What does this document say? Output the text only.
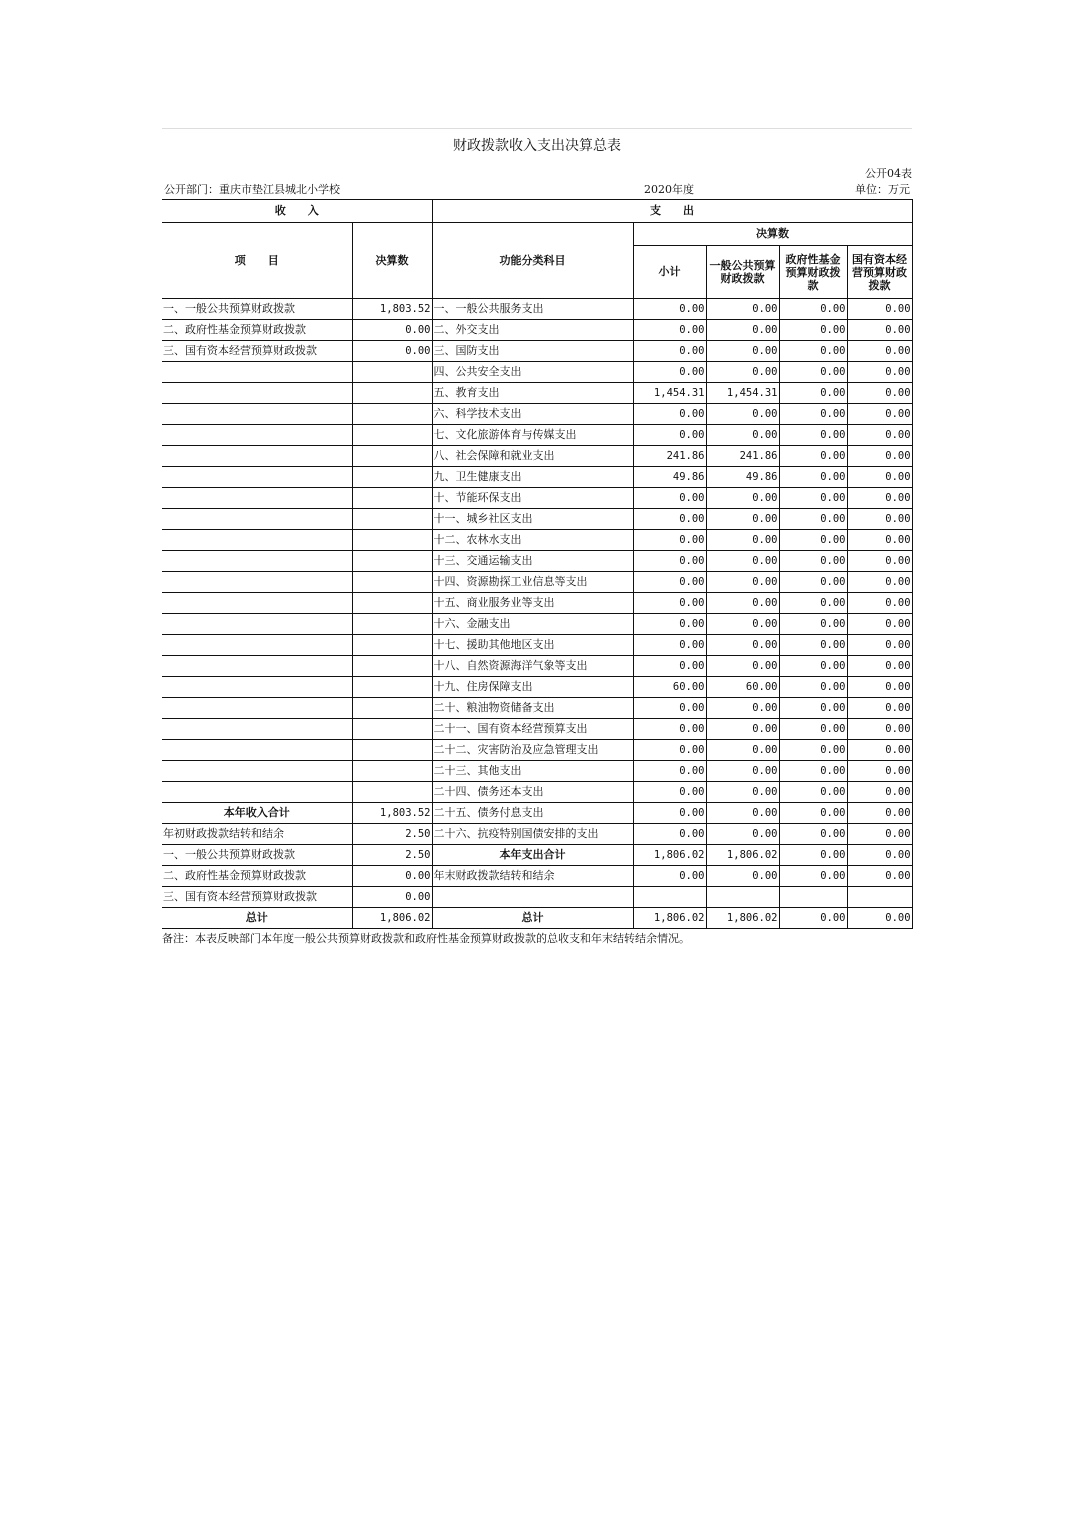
财政拨款收入支出决算总表
公开04表
公开部门：重庆市垫江县城北小学校	2020年度	单位：万元
收　　入		支　　出				
项　　目	决算数	功能分类科目	决算数			
			小计	一般公共预算财政拨款	政府性基金预算财政拨款	国有资本经营预算财政拨款
一、一般公共预算财政拨款	1,803.52	一、一般公共服务支出	0.00	0.00	0.00	0.00
二、政府性基金预算财政拨款	0.00	二、外交支出	0.00	0.00	0.00	0.00
三、国有资本经营预算财政拨款	0.00	三、国防支出	0.00	0.00	0.00	0.00
		四、公共安全支出	0.00	0.00	0.00	0.00
		五、教育支出	1,454.31	1,454.31	0.00	0.00
		六、科学技术支出	0.00	0.00	0.00	0.00
		七、文化旅游体育与传媒支出	0.00	0.00	0.00	0.00
		八、社会保障和就业支出	241.86	241.86	0.00	0.00
		九、卫生健康支出	49.86	49.86	0.00	0.00
		十、节能环保支出	0.00	0.00	0.00	0.00
		十一、城乡社区支出	0.00	0.00	0.00	0.00
		十二、农林水支出	0.00	0.00	0.00	0.00
		十三、交通运输支出	0.00	0.00	0.00	0.00
		十四、资源勘探工业信息等支出	0.00	0.00	0.00	0.00
		十五、商业服务业等支出	0.00	0.00	0.00	0.00
		十六、金融支出	0.00	0.00	0.00	0.00
		十七、援助其他地区支出	0.00	0.00	0.00	0.00
		十八、自然资源海洋气象等支出	0.00	0.00	0.00	0.00
		十九、住房保障支出	60.00	60.00	0.00	0.00
		二十、粮油物资储备支出	0.00	0.00	0.00	0.00
		二十一、国有资本经营预算支出	0.00	0.00	0.00	0.00
		二十二、灾害防治及应急管理支出	0.00	0.00	0.00	0.00
		二十三、其他支出	0.00	0.00	0.00	0.00
		二十四、债务还本支出	0.00	0.00	0.00	0.00
本年收入合计	1,803.52	二十五、债务付息支出	0.00	0.00	0.00	0.00
年初财政拨款结转和结余	2.50	二十六、抗疫特别国债安排的支出	0.00	0.00	0.00	0.00
一、一般公共预算财政拨款	2.50	本年支出合计	1,806.02	1,806.02	0.00	0.00
二、政府性基金预算财政拨款	0.00	年末财政拨款结转和结余	0.00	0.00	0.00	0.00
三、国有资本经营预算财政拨款	0.00					
总计	1,806.02	总计	1,806.02	1,806.02	0.00	0.00
备注：本表反映部门本年度一般公共预算财政拨款和政府性基金预算财政拨款的总收支和年末结转结余情况。
